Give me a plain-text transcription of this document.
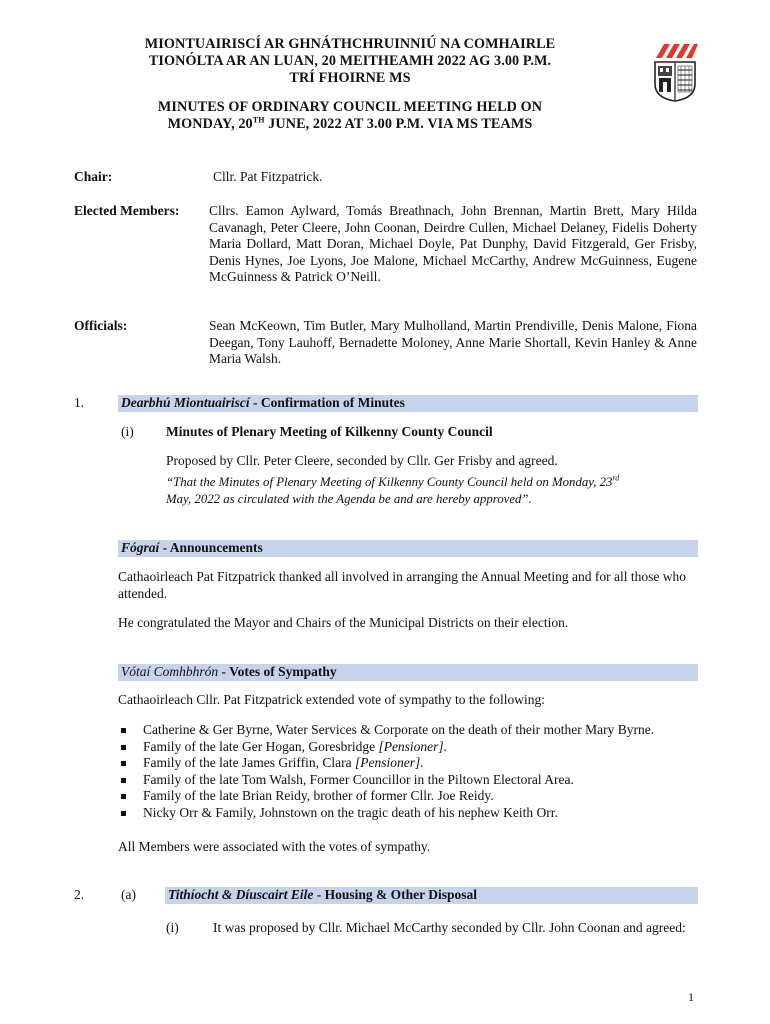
MIONTUAIRISCÍ AR GHNÁTHCHRUINNIÚ NA COMHAIRLE
TIONÓLTA AR AN LUAN, 20 MEITHEAMH 2022 AG 3.00 P.M.
TRÍ FHOIRNE MS
MINUTES OF ORDINARY COUNCIL MEETING HELD ON
MONDAY, 20TH JUNE, 2022 AT 3.00 P.M. VIA MS TEAMS
Chair:	Cllr. Pat Fitzpatrick.
Elected Members: Cllrs. Eamon Aylward, Tomás Breathnach, John Brennan, Martin Brett, Mary Hilda Cavanagh, Peter Cleere, John Coonan, Deirdre Cullen, Michael Delaney, Fidelis Doherty Maria Dollard, Matt Doran, Michael Doyle, Pat Dunphy, David Fitzgerald, Ger Frisby, Denis Hynes, Joe Lyons, Joe Malone, Michael McCarthy, Andrew McGuinness, Eugene McGuinness & Patrick O’Neill.
Officials:	Sean McKeown, Tim Butler, Mary Mulholland, Martin Prendiville, Denis Malone, Fiona Deegan, Tony Lauhoff, Bernadette Moloney, Anne Marie Shortall, Kevin Hanley & Anne Maria Walsh.
1.	Dearbhú Miontuairiscí - Confirmation of Minutes
(i) Minutes of Plenary Meeting of Kilkenny County Council
Proposed by Cllr. Peter Cleere, seconded by Cllr. Ger Frisby and agreed.
“That the Minutes of Plenary Meeting of Kilkenny County Council held on Monday, 23rd
May, 2022 as circulated with the Agenda be and are hereby approved”.
Fógraí - Announcements
Cathaoirleach Pat Fitzpatrick thanked all involved in arranging the Annual Meeting and for all those who attended.
He congratulated the Mayor and Chairs of the Municipal Districts on their election.
Vótaí Comhbhrón - Votes of Sympathy
Cathaoirleach Cllr. Pat Fitzpatrick extended vote of sympathy to the following:
Catherine & Ger Byrne, Water Services & Corporate on the death of their mother Mary Byrne.
Family of the late Ger Hogan, Goresbridge [Pensioner].
Family of the late James Griffin, Clara [Pensioner].
Family of the late Tom Walsh, Former Councillor in the Piltown Electoral Area.
Family of the late Brian Reidy, brother of former Cllr. Joe Reidy.
Nicky Orr & Family, Johnstown on the tragic death of his nephew Keith Orr.
All Members were associated with the votes of sympathy.
2.	(a) Tithíocht & Díuscairt Eile - Housing & Other Disposal
(i)	It was proposed by Cllr. Michael McCarthy seconded by Cllr. John Coonan and agreed:
1
